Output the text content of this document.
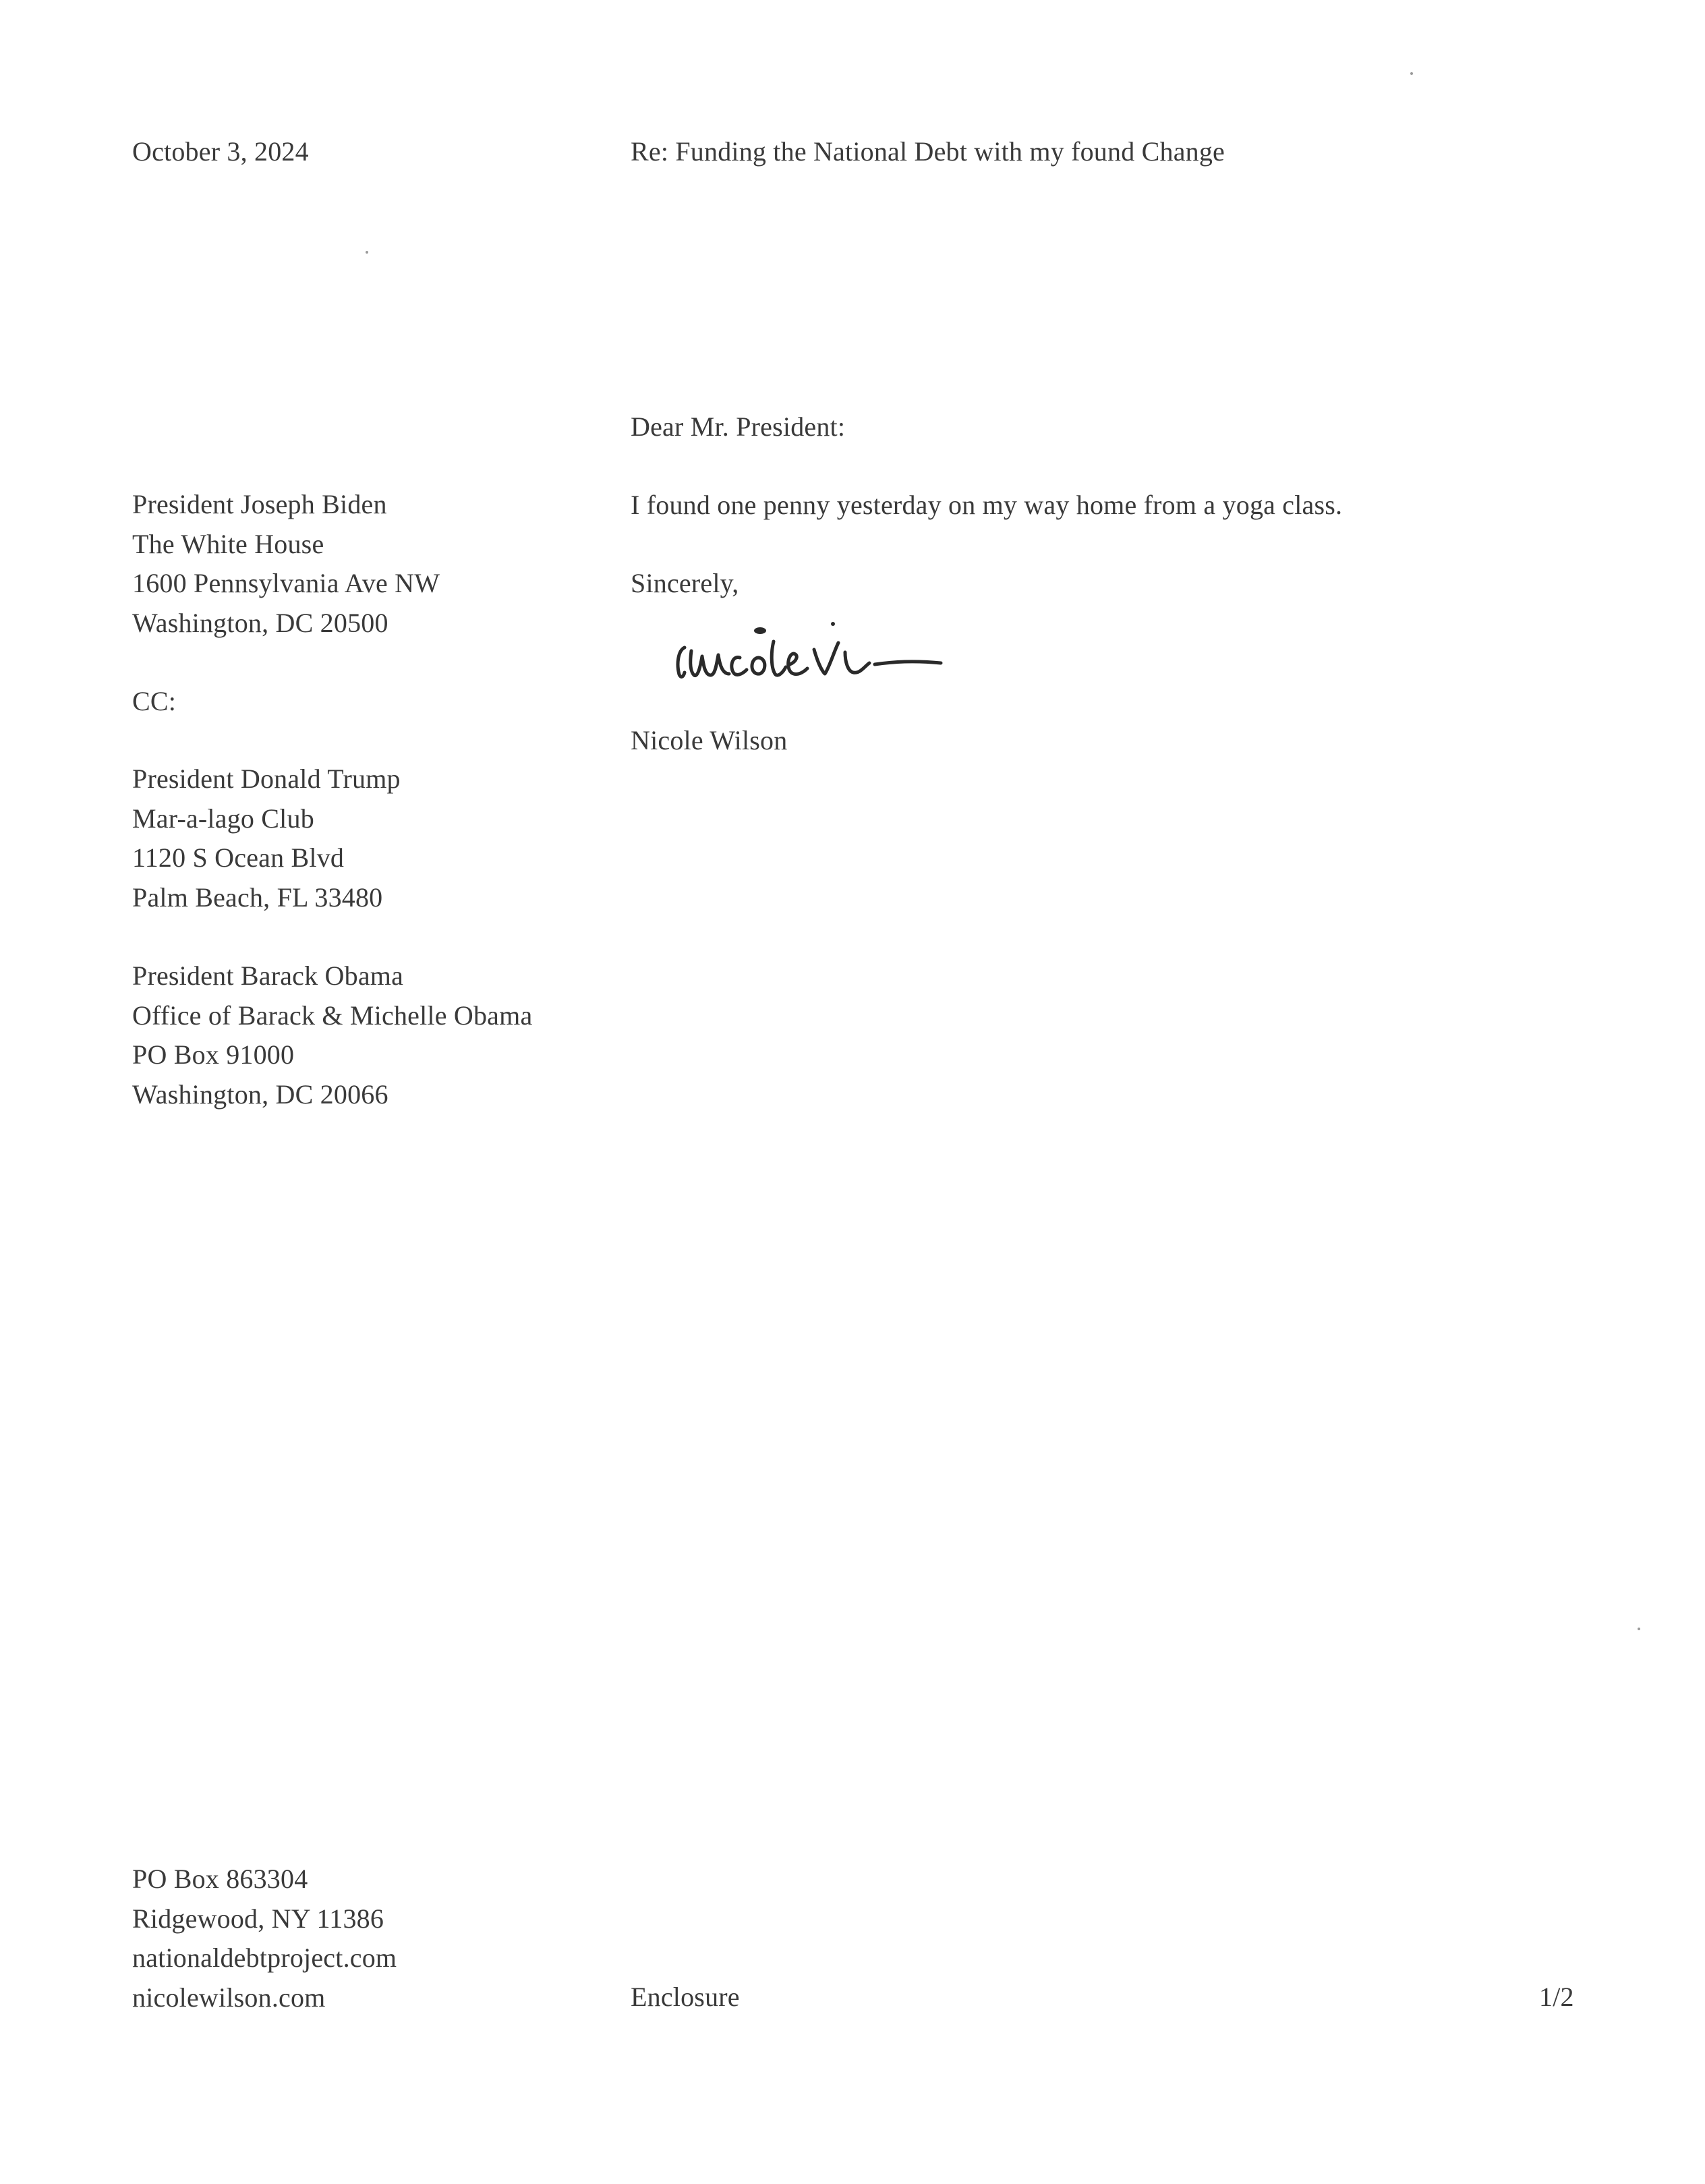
October 3, 2024	Re: Funding the National Debt with my found Change
Dear Mr. President:
President Joseph Biden
The White House
1600 Pennsylvania Ave NW
Washington, DC 20500
I found one penny yesterday on my way home from a yoga class.
Sincerely,
Nicole Wilson
CC:
President Donald Trump
Mar-a-lago Club
1120 S Ocean Blvd
Palm Beach, FL 33480
President Barack Obama
Office of Barack & Michelle Obama
PO Box 91000
Washington, DC 20066
PO Box 863304
Ridgewood, NY 11386
nationaldebtproject.com
nicolewilson.com	Enclosure	1/2
